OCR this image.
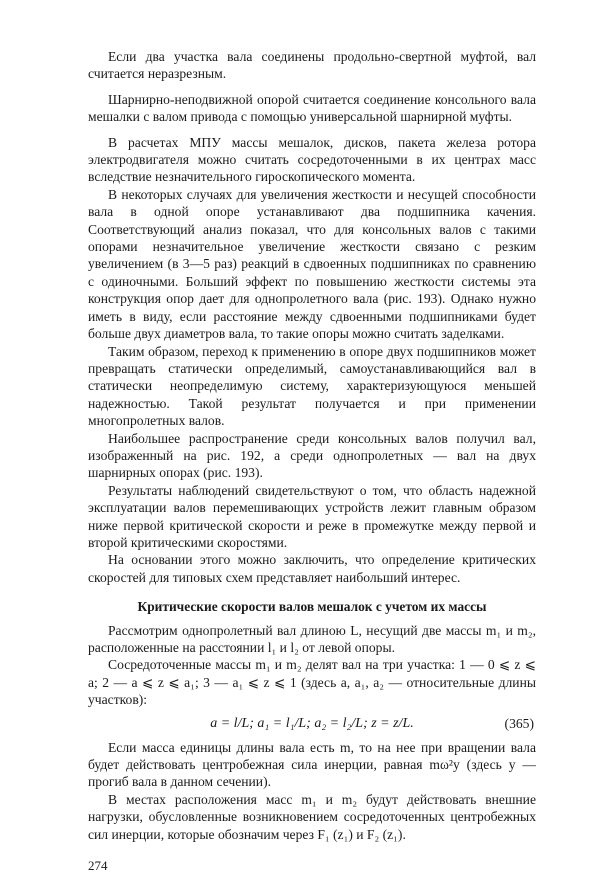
Если два участка вала соединены продольно-свертной муфтой, вал считается неразрезным.

Шарнирно-неподвижной опорой считается соединение консольного вала мешалки с валом привода с помощью универсальной шарнирной муфты.

В расчетах МПУ массы мешалок, дисков, пакета железа ротора электродвигателя можно считать сосредоточенными в их центрах масс вследствие незначительного гироскопического момента.

В некоторых случаях для увеличения жесткости и несущей способности вала в одной опоре устанавливают два подшипника качения. Соответствующий анализ показал, что для консольных валов с такими опорами незначительное увеличение жесткости связано с резким увеличением (в 3—5 раз) реакций в сдвоенных подшипниках по сравнению с одиночными. Больший эффект по повышению жесткости системы эта конструкция опор дает для однопролетного вала (рис. 193). Однако нужно иметь в виду, если расстояние между сдвоенными подшипниками будет больше двух диаметров вала, то такие опоры можно считать заделками.

Таким образом, переход к применению в опоре двух подшипников может превращать статически определимый, самоустанавливающийся вал в статически неопределимую систему, характеризующуюся меньшей надежностью. Такой результат получается и при применении многопролетных валов.

Наибольшее распространение среди консольных валов получил вал, изображенный на рис. 192, а среди однопролетных — вал на двух шарнирных опорах (рис. 193).

Результаты наблюдений свидетельствуют о том, что область надежной эксплуатации валов перемешивающих устройств лежит главным образом ниже первой критической скорости и реже в промежутке между первой и второй критическими скоростями.

На основании этого можно заключить, что определение критических скоростей для типовых схем представляет наибольший интерес.

Критические скорости валов мешалок с учетом их массы

Рассмотрим однопролетный вал длиною L, несущий две массы m₁ и m₂, расположенные на расстоянии l₁ и l₂ от левой опоры.

Сосредоточенные массы m₁ и m₂ делят вал на три участка: 1 — 0 ⩽ z ⩽ a; 2 — a ⩽ z ⩽ a₁; 3 — a₁ ⩽ z ⩽ 1 (здесь a, a₁, a₂ — относительные длины участков):

a = l/L; a₁ = l₁/L; a₂ = l₂/L; z = z/L.	(365)

Если масса единицы длины вала есть m, то на нее при вращении вала будет действовать центробежная сила инерции, равная mω²y (здесь y — прогиб вала в данном сечении).

В местах расположения масс m₁ и m₂ будут действовать внешние нагрузки, обусловленные возникновением сосредоточенных центробежных сил инерции, которые обозначим через F₁ (z₁) и F₂ (z₁).

274
